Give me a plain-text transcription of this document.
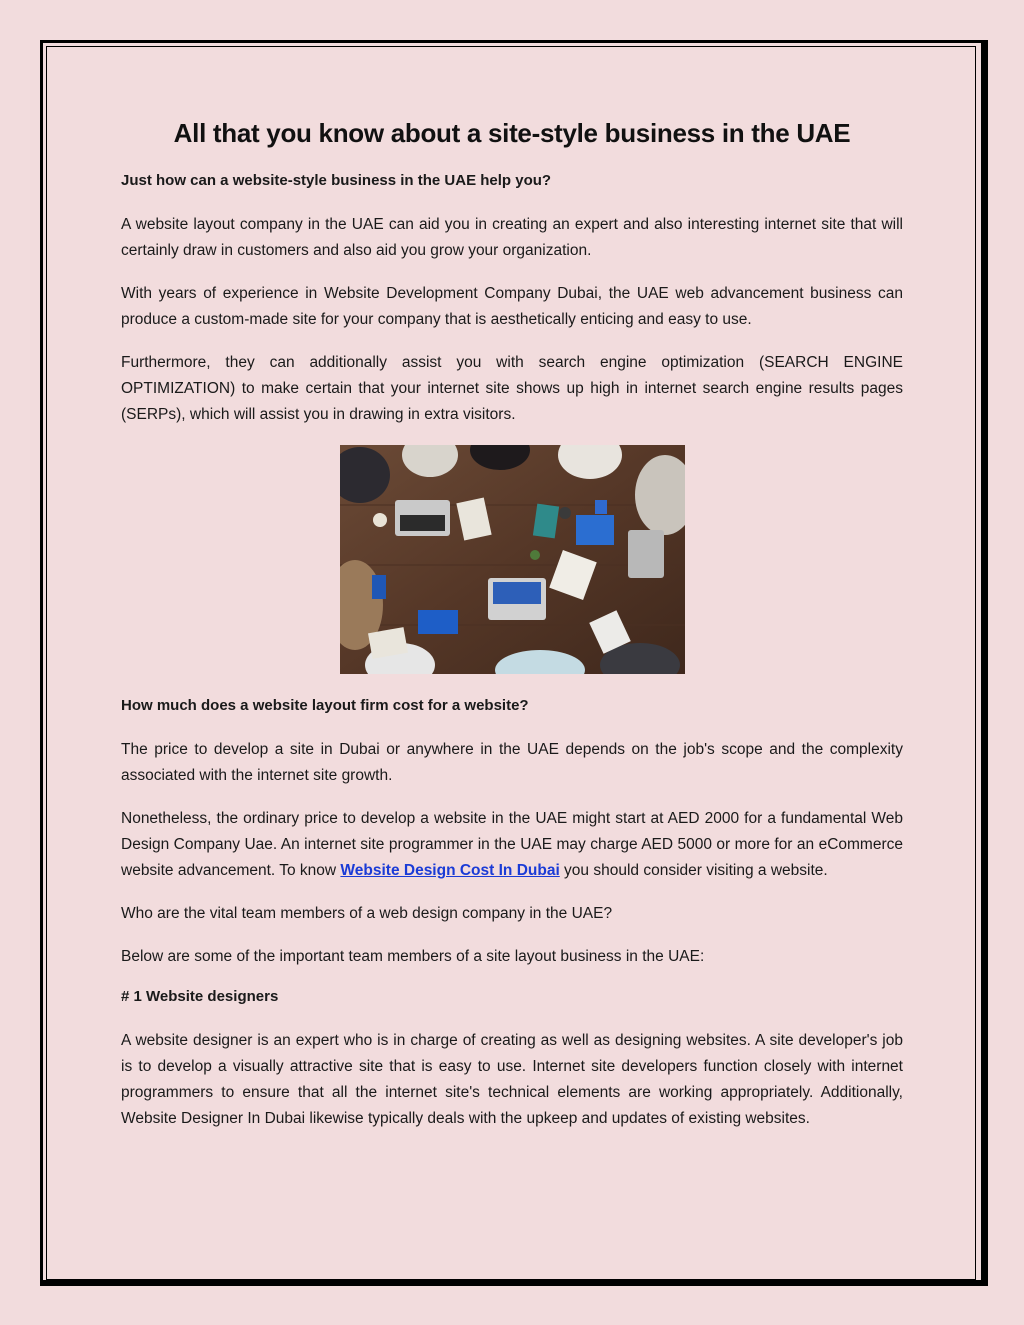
All that you know about a site-style business in the UAE
Just how can a website-style business in the UAE help you?

A website layout company in the UAE can aid you in creating an expert and also interesting internet site that will certainly draw in customers and also aid you grow your organization.

With years of experience in Website Development Company Dubai, the UAE web advancement business can produce a custom-made site for your company that is aesthetically enticing and easy to use.

Furthermore, they can additionally assist you with search engine optimization (SEARCH ENGINE OPTIMIZATION) to make certain that your internet site shows up high in internet search engine results pages (SERPs), which will assist you in drawing in extra visitors.

How much does a website layout firm cost for a website?

The price to develop a site in Dubai or anywhere in the UAE depends on the job's scope and the complexity associated with the internet site growth.

Nonetheless, the ordinary price to develop a website in the UAE might start at AED 2000 for a fundamental Web Design Company Uae. An internet site programmer in the UAE may charge AED 5000 or more for an eCommerce website advancement. To know Website Design Cost In Dubai you should consider visiting a website.

Who are the vital team members of a web design company in the UAE?

Below are some of the important team members of a site layout business in the UAE:

# 1 Website designers

A website designer is an expert who is in charge of creating as well as designing websites. A site developer's job is to develop a visually attractive site that is easy to use. Internet site developers function closely with internet programmers to ensure that all the internet site's technical elements are working appropriately. Additionally, Website Designer In Dubai likewise typically deals with the upkeep and updates of existing websites.
